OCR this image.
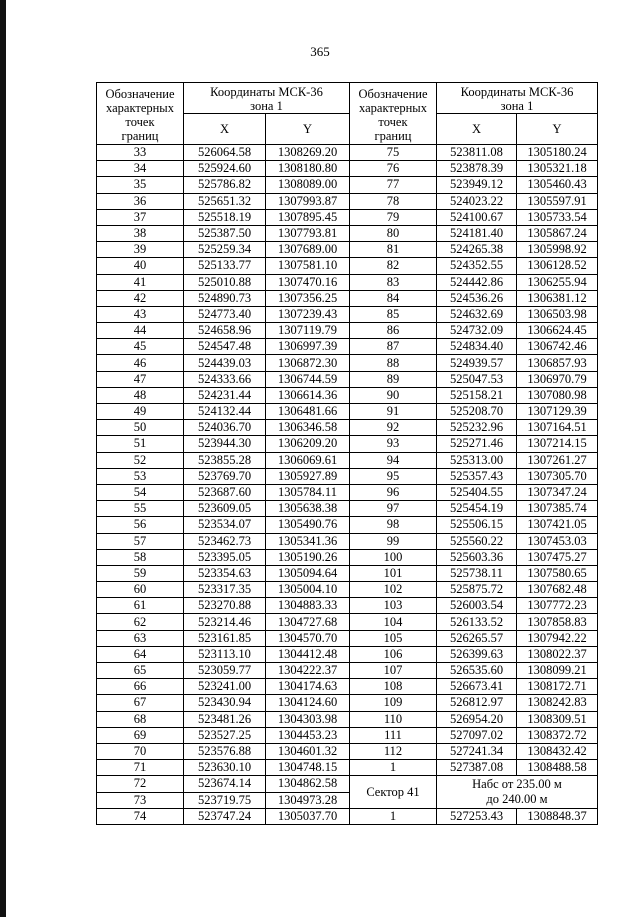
365
Обозначение
характерных
точек
границ	Координаты МСК-36
зона 1		Обозначение
характерных
точек
границ	Координаты МСК-36
зона 1	
	X	Y		X	Y
33	526064.58	1308269.20	75	523811.08	1305180.24
34	525924.60	1308180.80	76	523878.39	1305321.18
35	525786.82	1308089.00	77	523949.12	1305460.43
36	525651.32	1307993.87	78	524023.22	1305597.91
37	525518.19	1307895.45	79	524100.67	1305733.54
38	525387.50	1307793.81	80	524181.40	1305867.24
39	525259.34	1307689.00	81	524265.38	1305998.92
40	525133.77	1307581.10	82	524352.55	1306128.52
41	525010.88	1307470.16	83	524442.86	1306255.94
42	524890.73	1307356.25	84	524536.26	1306381.12
43	524773.40	1307239.43	85	524632.69	1306503.98
44	524658.96	1307119.79	86	524732.09	1306624.45
45	524547.48	1306997.39	87	524834.40	1306742.46
46	524439.03	1306872.30	88	524939.57	1306857.93
47	524333.66	1306744.59	89	525047.53	1306970.79
48	524231.44	1306614.36	90	525158.21	1307080.98
49	524132.44	1306481.66	91	525208.70	1307129.39
50	524036.70	1306346.58	92	525232.96	1307164.51
51	523944.30	1306209.20	93	525271.46	1307214.15
52	523855.28	1306069.61	94	525313.00	1307261.27
53	523769.70	1305927.89	95	525357.43	1307305.70
54	523687.60	1305784.11	96	525404.55	1307347.24
55	523609.05	1305638.38	97	525454.19	1307385.74
56	523534.07	1305490.76	98	525506.15	1307421.05
57	523462.73	1305341.36	99	525560.22	1307453.03
58	523395.05	1305190.26	100	525603.36	1307475.27
59	523354.63	1305094.64	101	525738.11	1307580.65
60	523317.35	1305004.10	102	525875.72	1307682.48
61	523270.88	1304883.33	103	526003.54	1307772.23
62	523214.46	1304727.68	104	526133.52	1307858.83
63	523161.85	1304570.70	105	526265.57	1307942.22
64	523113.10	1304412.48	106	526399.63	1308022.37
65	523059.77	1304222.37	107	526535.60	1308099.21
66	523241.00	1304174.63	108	526673.41	1308172.71
67	523430.94	1304124.60	109	526812.97	1308242.83
68	523481.26	1304303.98	110	526954.20	1308309.51
69	523527.25	1304453.23	111	527097.02	1308372.72
70	523576.88	1304601.32	112	527241.34	1308432.42
71	523630.10	1304748.15	1	527387.08	1308488.58
72	523674.14	1304862.58	Сектор 41	Набс от 235.00 м
до 240.00 м	
73	523719.75	1304973.28			
74	523747.24	1305037.70	1	527253.43	1308848.37
